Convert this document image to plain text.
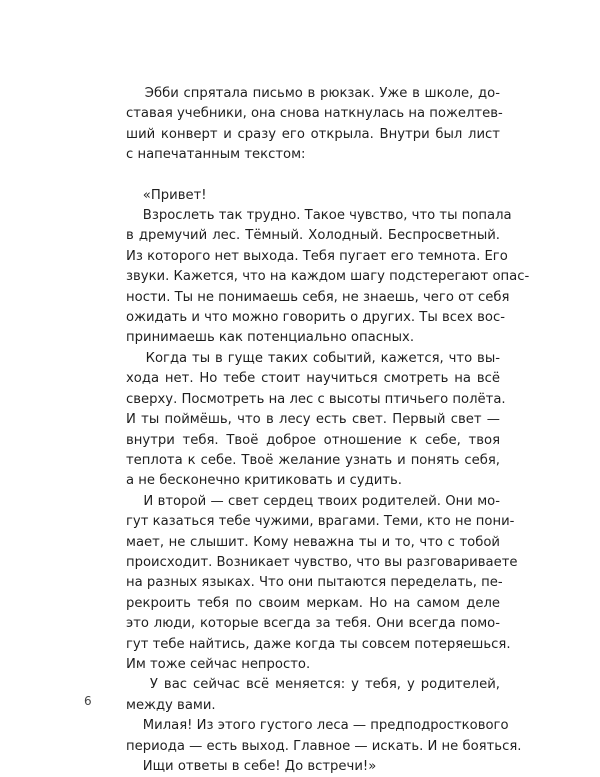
Эбби спрятала письмо в рюкзак. Уже в школе, до-
ставая учебники, она снова наткнулась на пожелтев-
ший конверт и сразу его открыла. Внутри был лист
с напечатанным текстом:

«Привет!

Взрослеть так трудно. Такое чувство, что ты попала
в дремучий лес. Тёмный. Холодный. Беспросветный.
Из которого нет выхода. Тебя пугает его темнота. Его
звуки. Кажется, что на каждом шагу подстерегают опас-
ности. Ты не понимаешь себя, не знаешь, чего от себя
ожидать и что можно говорить о других. Ты всех вос-
принимаешь как потенциально опасных.

Когда ты в гуще таких событий, кажется, что вы-
хода нет. Но тебе стоит научиться смотреть на всё
сверху. Посмотреть на лес с высоты птичьего полёта.
И ты поймёшь, что в лесу есть свет. Первый свет —
внутри тебя. Твоё доброе отношение к себе, твоя
теплота к себе. Твоё желание узнать и понять себя,
а не бесконечно критиковать и судить.

И второй — свет сердец твоих родителей. Они мо-
гут казаться тебе чужими, врагами. Теми, кто не пони-
мает, не слышит. Кому неважна ты и то, что с тобой
происходит. Возникает чувство, что вы разговариваете
на разных языках. Что они пытаются переделать, пе-
рекроить тебя по своим меркам. Но на самом деле
это люди, которые всегда за тебя. Они всегда помо-
гут тебе найтись, даже когда ты совсем потеряешься.
Им тоже сейчас непросто.

У вас сейчас всё меняется: у тебя, у родителей,
между вами.

Милая! Из этого густого леса — предподросткового
периода — есть выход. Главное — искать. И не бояться.
Ищи ответы в себе! До встречи!»

6
